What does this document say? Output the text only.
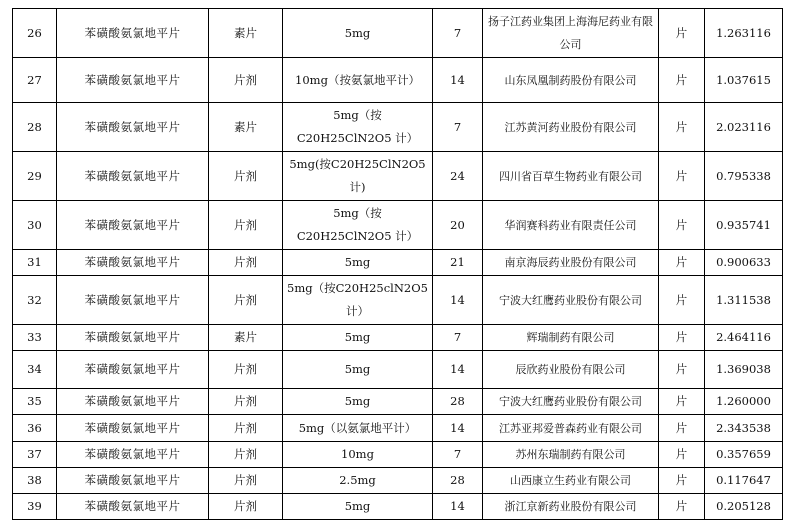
26	苯磺酸氨氯地平片	素片	5mg	7	扬子江药业集团上海海尼药业有限公司	片	1.263116
27	苯磺酸氨氯地平片	片剂	10mg（按氨氯地平计）	14	山东凤凰制药股份有限公司	片	1.037615
28	苯磺酸氨氯地平片	素片	5mg（按C20H25ClN2O5 计）	7	江苏黄河药业股份有限公司	片	2.023116
29	苯磺酸氨氯地平片	片剂	5mg(按C20H25ClN2O5 计)	24	四川省百草生物药业有限公司	片	0.795338
30	苯磺酸氨氯地平片	片剂	5mg（按C20H25ClN2O5 计）	20	华润赛科药业有限责任公司	片	0.935741
31	苯磺酸氨氯地平片	片剂	5mg	21	南京海辰药业股份有限公司	片	0.900633
32	苯磺酸氨氯地平片	片剂	5mg（按C20H25clN2O5 计）	14	宁波大红鹰药业股份有限公司	片	1.311538
33	苯磺酸氨氯地平片	素片	5mg	7	辉瑞制药有限公司	片	2.464116
34	苯磺酸氨氯地平片	片剂	5mg	14	辰欣药业股份有限公司	片	1.369038
35	苯磺酸氨氯地平片	片剂	5mg	28	宁波大红鹰药业股份有限公司	片	1.260000
36	苯磺酸氨氯地平片	片剂	5mg（以氨氯地平计）	14	江苏亚邦爱普森药业有限公司	片	2.343538
37	苯磺酸氨氯地平片	片剂	10mg	7	苏州东瑞制药有限公司	片	0.357659
38	苯磺酸氨氯地平片	片剂	2.5mg	28	山西康立生药业有限公司	片	0.117647
39	苯磺酸氨氯地平片	片剂	5mg	14	浙江京新药业股份有限公司	片	0.205128
